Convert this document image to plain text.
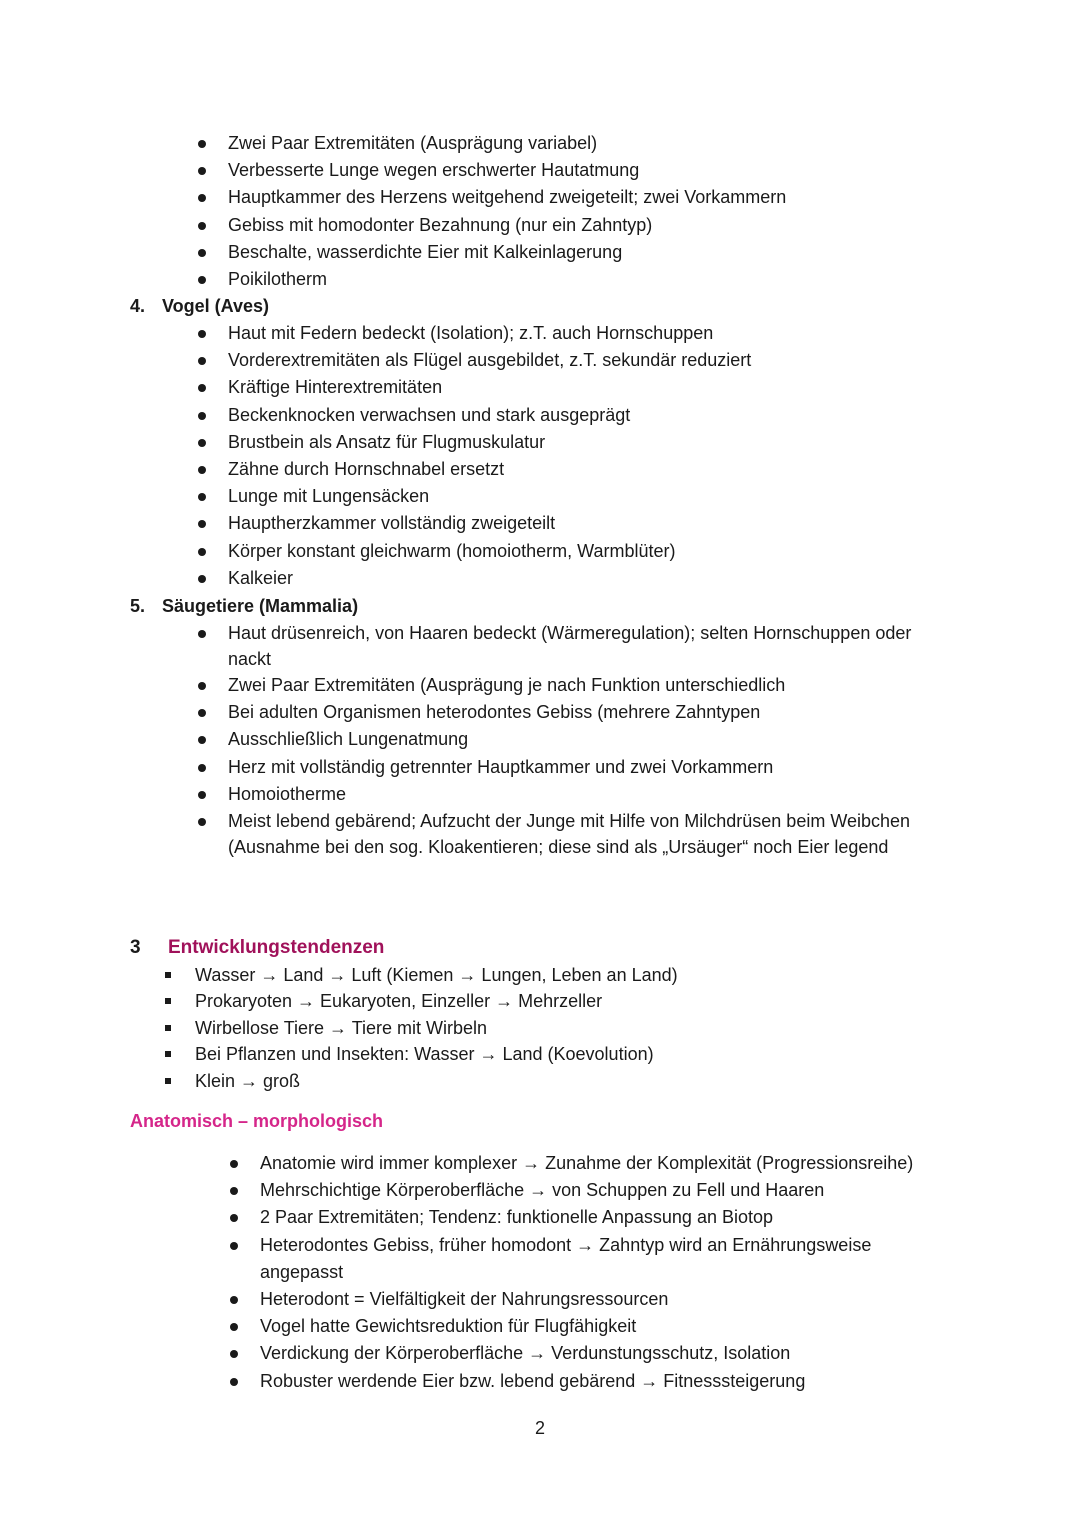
Zwei Paar Extremitäten (Ausprägung variabel)
Verbesserte Lunge wegen erschwerter Hautatmung
Hauptkammer des Herzens weitgehend zweigeteilt; zwei Vorkammern
Gebiss mit homodonter Bezahnung (nur ein Zahntyp)
Beschalte, wasserdichte Eier mit Kalkeinlagerung
Poikilotherm
4. Vogel (Aves)
Haut mit Federn bedeckt (Isolation); z.T. auch Hornschuppen
Vorderextremitäten als Flügel ausgebildet, z.T. sekundär reduziert
Kräftige Hinterextremitäten
Beckenknocken verwachsen und stark ausgeprägt
Brustbein als Ansatz für Flugmuskulatur
Zähne durch Hornschnabel ersetzt
Lunge mit Lungensäcken
Hauptherzkammer vollständig zweigeteilt
Körper konstant gleichwarm (homoiotherm, Warmblüter)
Kalkeier
5. Säugetiere (Mammalia)
Haut drüsenreich, von Haaren bedeckt (Wärmeregulation); selten Hornschuppen oder nackt
Zwei Paar Extremitäten (Ausprägung je nach Funktion unterschiedlich
Bei adulten Organismen heterodontes Gebiss (mehrere Zahntypen
Ausschließlich Lungenatmung
Herz mit vollständig getrennter Hauptkammer und zwei Vorkammern
Homoiotherme
Meist lebend gebärend; Aufzucht der Junge mit Hilfe von Milchdrüsen beim Weibchen (Ausnahme bei den sog. Kloakentieren; diese sind als „Ursäuger“ noch Eier legend
3 Entwicklungstendenzen
Wasser → Land → Luft (Kiemen → Lungen, Leben an Land)
Prokaryoten → Eukaryoten, Einzeller → Mehrzeller
Wirbellose Tiere → Tiere mit Wirbeln
Bei Pflanzen und Insekten: Wasser → Land (Koevolution)
Klein → groß
Anatomisch – morphologisch
Anatomie wird immer komplexer → Zunahme der Komplexität (Progressionsreihe)
Mehrschichtige Körperoberfläche → von Schuppen zu Fell und Haaren
2 Paar Extremitäten; Tendenz: funktionelle Anpassung an Biotop
Heterodontes Gebiss, früher homodont → Zahntyp wird an Ernährungsweise angepasst
Heterodont = Vielfältigkeit der Nahrungsressourcen
Vogel hatte Gewichtsreduktion für Flugfähigkeit
Verdickung der Körperoberfläche → Verdunstungsschutz, Isolation
Robuster werdende Eier bzw. lebend gebärend → Fitnesssteigerung
2
